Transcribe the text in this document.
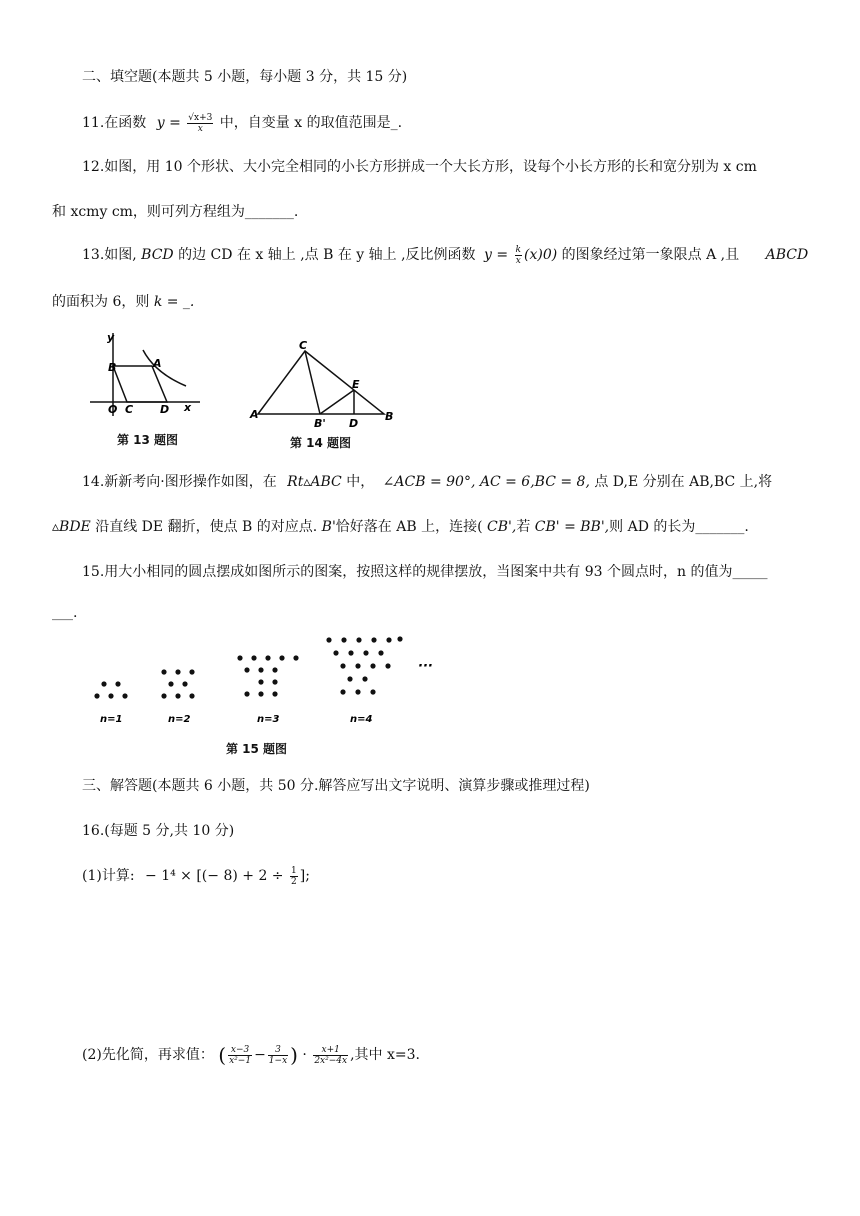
二、填空题(本题共 5 小题，每小题 3 分，共 15 分)
11.在函数 $y = \frac{√x+3}{x}$ 中，自变量 x 的取值范围是_.
12.如图，用 10 个形状、大小完全相同的小长方形拼成一个大长方形，设每个小长方形的长和宽分别为 x cm
和 xcmy cm，则可列方程组为_______.
13.如图, BCD 的边 CD 在 x 轴上 ,点 B 在 y 轴上 ,反比例函数 $y = \frac{k}{x} (x)0$) 的图象经过第一象限点 A ,且 ABCD
的面积为 6，则 k = _.
y
B	A
O C D x
第 13 题图
C
E
A
B' D
B
第 14 题图
14.新新考向·图形操作如图，在 Rt▵ABC 中， ∠ACB = 90°, AC = 6,BC = 8, 点 D,E 分别在 AB,BC 上,将
▵BDE 沿直线 DE 翻折，使点 B 的对应点. B'恰好落在 AB 上，连接( CB',若 CB' = BB',则 AD 的长为_______.
15.用大小相同的圆点摆成如图所示的图案，按照这样的规律摆放，当图案中共有 93 个圆点时，n 的值为_____
___.
···
n=1	n=2	n=3	n=4
第 15 题图
三、解答题(本题共 6 小题，共 50 分.解答应写出文字说明、演算步骤或推理过程)
16.(每题 5 分,共 10 分)
(1)计算: − 1⁴ × [(− $8) + 2 \div \frac{1}{2}$ ];
(2)先化简，再求值： ( $\frac{x-3}{\text{x²−1}} - \frac{3}{1-x}$ ) · $\frac{x+1}{\text{2x²−4x}}$ ,其中 x=3.
